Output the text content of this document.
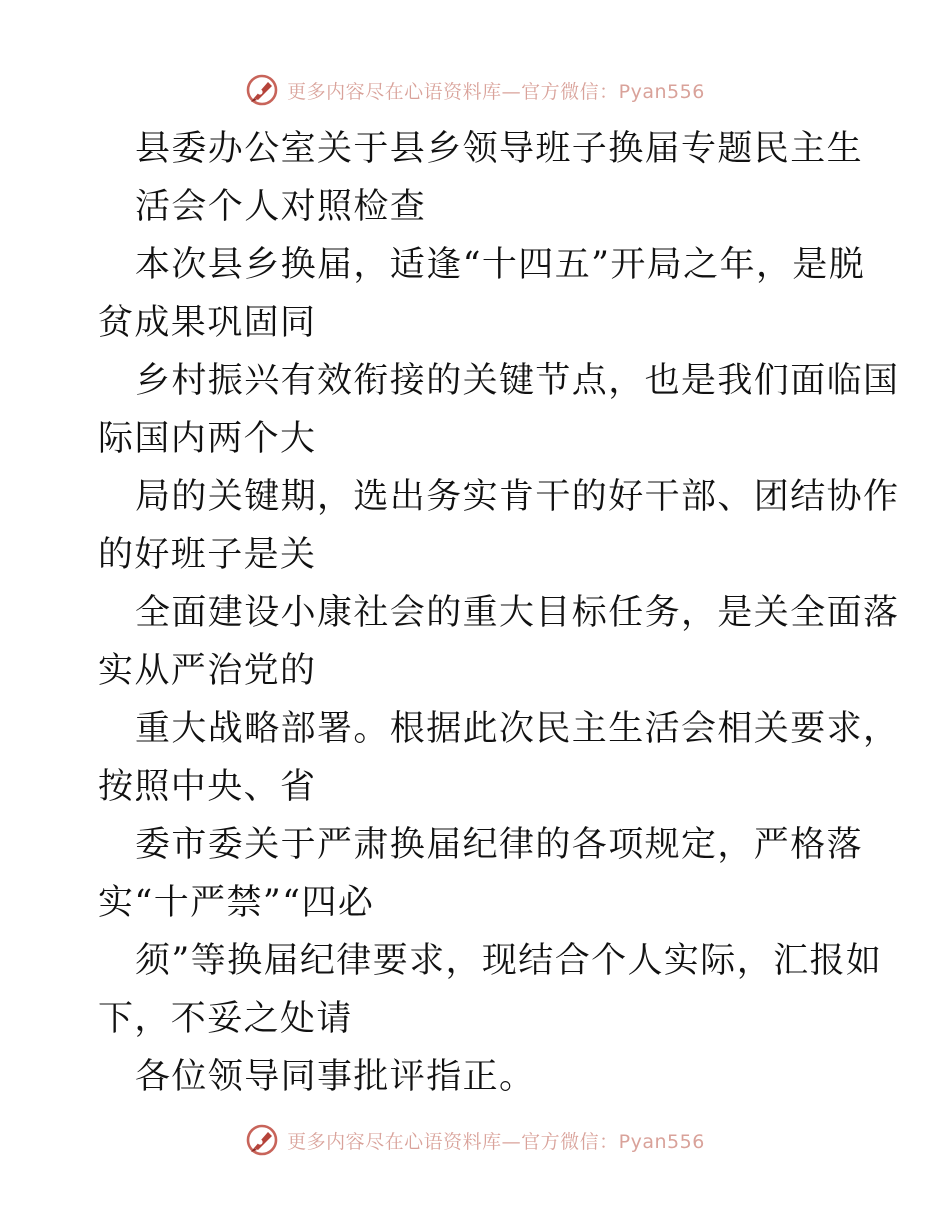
更多内容尽在心语资料库—官方微信：Pyan556
县委办公室关于县乡领导班子换届专题民主生
活会个人对照检查
本次县乡换届，适逢“十四五”开局之年，是脱
贫成果巩固同
乡村振兴有效衔接的关键节点，也是我们面临国
际国内两个大
局的关键期，选出务实肯干的好干部、团结协作
的好班子是关
全面建设小康社会的重大目标任务，是关全面落
实从严治党的
重大战略部署。根据此次民主生活会相关要求，
按照中央、省
委市委关于严肃换届纪律的各项规定，严格落
实“十严禁”“四必
须”等换届纪律要求，现结合个人实际，汇报如
下，不妥之处请
各位领导同事批评指正。
更多内容尽在心语资料库—官方微信：Pyan556
